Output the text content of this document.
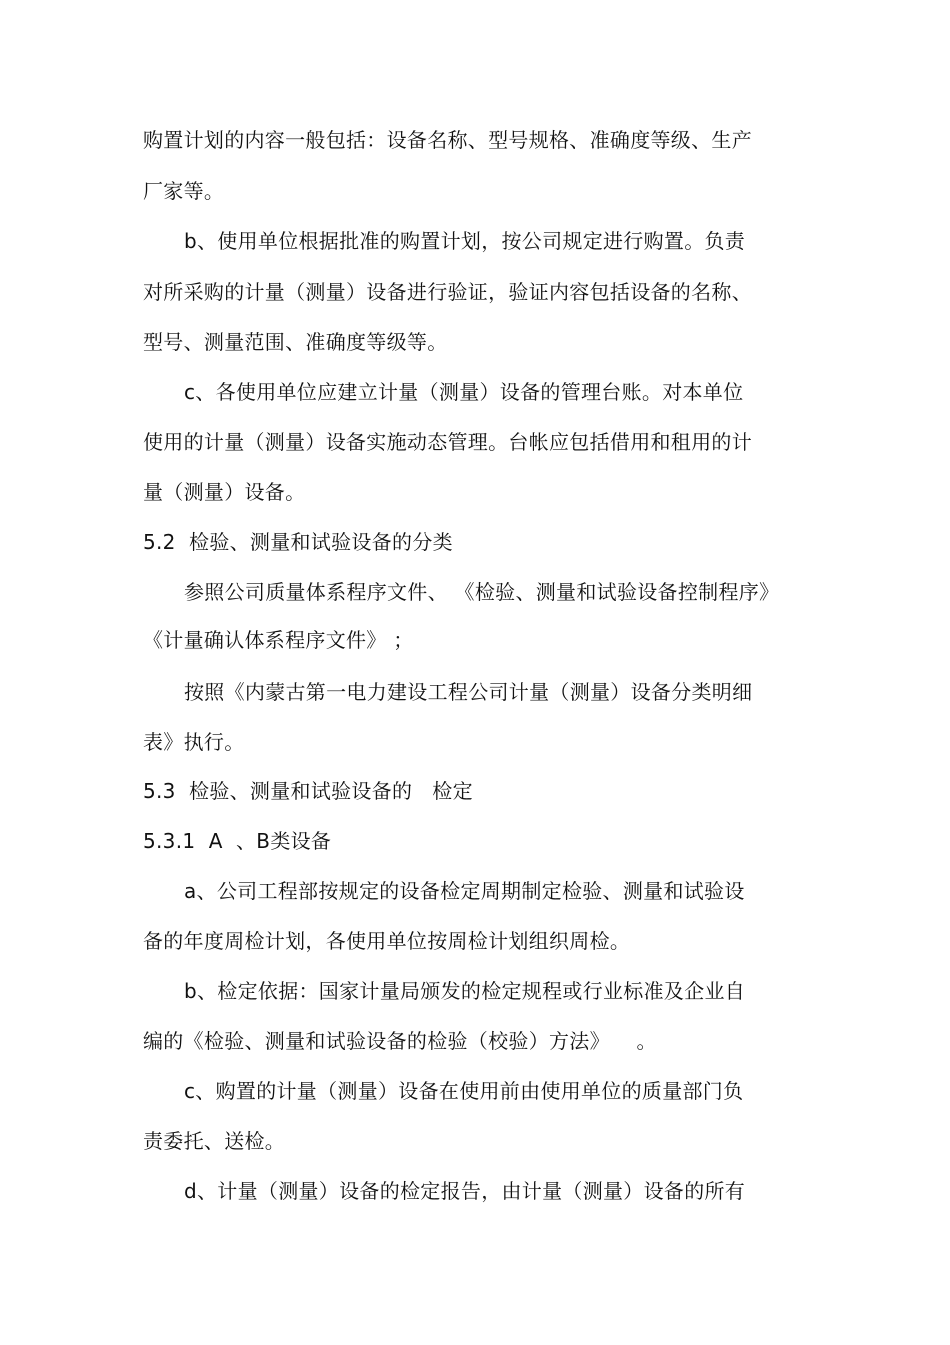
购置计划的内容一般包括：设备名称、型号规格、准确度等级、生产
厂家等。
b、使用单位根据批准的购置计划，按公司规定进行购置。负责
对所采购的计量（测量）设备进行验证，验证内容包括设备的名称、
型号、测量范围、准确度等级等。
c、各使用单位应建立计量（测量）设备的管理台账。对本单位
使用的计量（测量）设备实施动态管理。台帐应包括借用和租用的计
量（测量）设备。
5.2  检验、测量和试验设备的分类
参照公司质量体系程序文件、 《检验、测量和试验设备控制程序》
《计量确认体系程序文件》 ；
按照《内蒙古第一电力建设工程公司计量（测量）设备分类明细
表》执行。
5.3  检验、测量和试验设备的   检定
5.3.1  A  、B类设备
a、公司工程部按规定的设备检定周期制定检验、测量和试验设
备的年度周检计划，各使用单位按周检计划组织周检。
b、检定依据：国家计量局颁发的检定规程或行业标准及企业自
编的《检验、测量和试验设备的检验（校验）方法》    。
c、购置的计量（测量）设备在使用前由使用单位的质量部门负
责委托、送检。
d、计量（测量）设备的检定报告，由计量（测量）设备的所有
